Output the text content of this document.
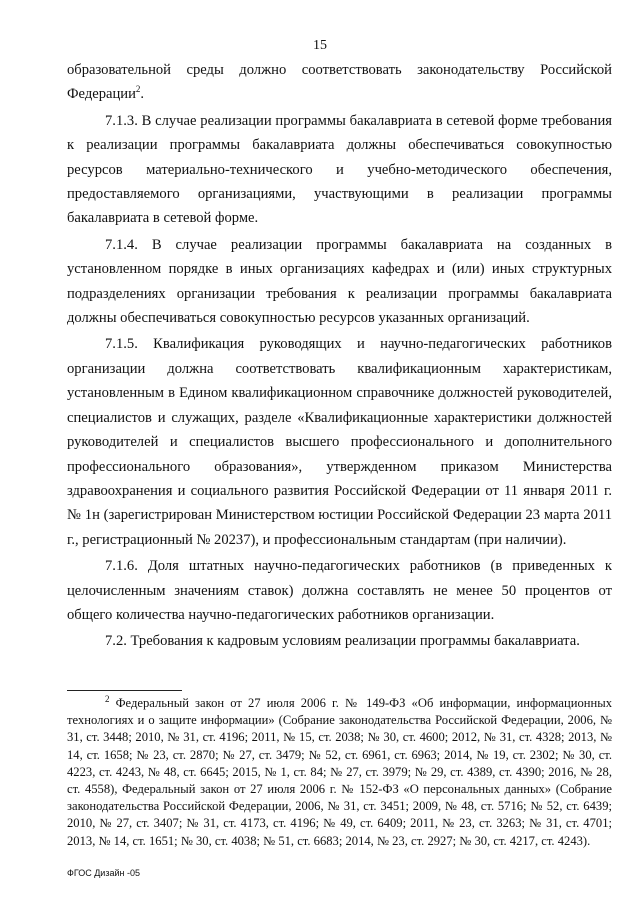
15

образовательной среды должно соответствовать законодательству Российской Федерации$^2$.

7.1.3. В случае реализации программы бакалавриата в сетевой форме требования к реализации программы бакалавриата должны обеспечиваться совокупностью ресурсов материально-технического и учебно-методического обеспечения, предоставляемого организациями, участвующими в реализации программы бакалавриата в сетевой форме.

7.1.4. В случае реализации программы бакалавриата на созданных в установленном порядке в иных организациях кафедрах и (или) иных структурных подразделениях организации требования к реализации программы бакалавриата должны обеспечиваться совокупностью ресурсов указанных организаций.

7.1.5. Квалификация руководящих и научно-педагогических работников организации должна соответствовать квалификационным характеристикам, установленным в Едином квалификационном справочнике должностей руководителей, специалистов и служащих, разделе «Квалификационные характеристики должностей руководителей и специалистов высшего профессионального и дополнительного профессионального образования», утвержденном приказом Министерства здравоохранения и социального развития Российской Федерации от 11 января 2011 г. № 1н (зарегистрирован Министерством юстиции Российской Федерации 23 марта 2011 г., регистрационный № 20237), и профессиональным стандартам (при наличии).

7.1.6. Доля штатных научно-педагогических работников (в приведенных к целочисленным значениям ставок) должна составлять не менее 50 процентов от общего количества научно-педагогических работников организации.

7.2. Требования к кадровым условиям реализации программы бакалавриата.

$^2$ Федеральный закон от 27 июля 2006 г. № 149-ФЗ «Об информации, информационных технологиях и о защите информации» (Собрание законодательства Российской Федерации, 2006, № 31, ст. 3448; 2010, № 31, ст. 4196; 2011, № 15, ст. 2038; № 30, ст. 4600; 2012, № 31, ст. 4328; 2013, № 14, ст. 1658; № 23, ст. 2870; № 27, ст. 3479; № 52, ст. 6961, ст. 6963; 2014, № 19, ст. 2302; № 30, ст. 4223, ст. 4243, № 48, ст. 6645; 2015, № 1, ст. 84; № 27, ст. 3979; № 29, ст. 4389, ст. 4390; 2016, № 28, ст. 4558), Федеральный закон от 27 июля 2006 г. № 152-ФЗ «О персональных данных» (Собрание законодательства Российской Федерации, 2006, № 31, ст. 3451; 2009, № 48, ст. 5716; № 52, ст. 6439; 2010, № 27, ст. 3407; № 31, ст. 4173, ст. 4196; № 49, ст. 6409; 2011, № 23, ст. 3263; № 31, ст. 4701; 2013, № 14, ст. 1651; № 30, ст. 4038; № 51, ст. 6683; 2014, № 23, ст. 2927; № 30, ст. 4217, ст. 4243).

ФГОС Дизайн -05
